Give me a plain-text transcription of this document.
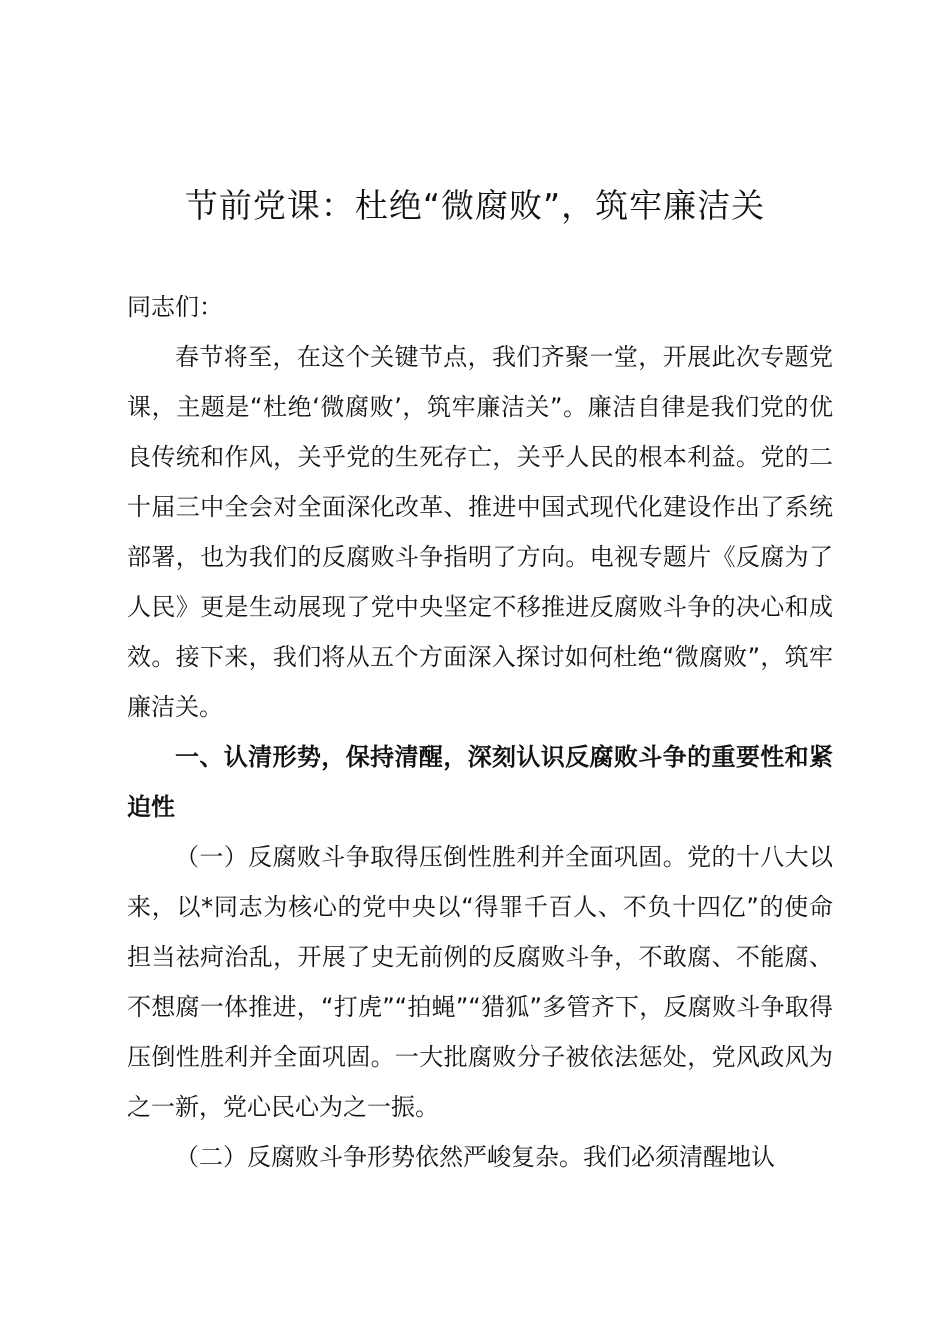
节前党课：杜绝“微腐败”，筑牢廉洁关

同志们：

春节将至，在这个关键节点，我们齐聚一堂，开展此次专题党课，主题是“杜绝‘微腐败’，筑牢廉洁关”。廉洁自律是我们党的优良传统和作风，关乎党的生死存亡，关乎人民的根本利益。党的二十届三中全会对全面深化改革、推进中国式现代化建设作出了系统部署，也为我们的反腐败斗争指明了方向。电视专题片《反腐为了人民》更是生动展现了党中央坚定不移推进反腐败斗争的决心和成效。接下来，我们将从五个方面深入探讨如何杜绝“微腐败”，筑牢廉洁关。

一、认清形势，保持清醒，深刻认识反腐败斗争的重要性和紧迫性

（一）反腐败斗争取得压倒性胜利并全面巩固。党的十八大以来，以*同志为核心的党中央以“得罪千百人、不负十四亿”的使命担当祛疴治乱，开展了史无前例的反腐败斗争，不敢腐、不能腐、不想腐一体推进，“打虎”“拍蝇”“猎狐”多管齐下，反腐败斗争取得压倒性胜利并全面巩固。一大批腐败分子被依法惩处，党风政风为之一新，党心民心为之一振。

（二）反腐败斗争形势依然严峻复杂。我们必须清醒地认
